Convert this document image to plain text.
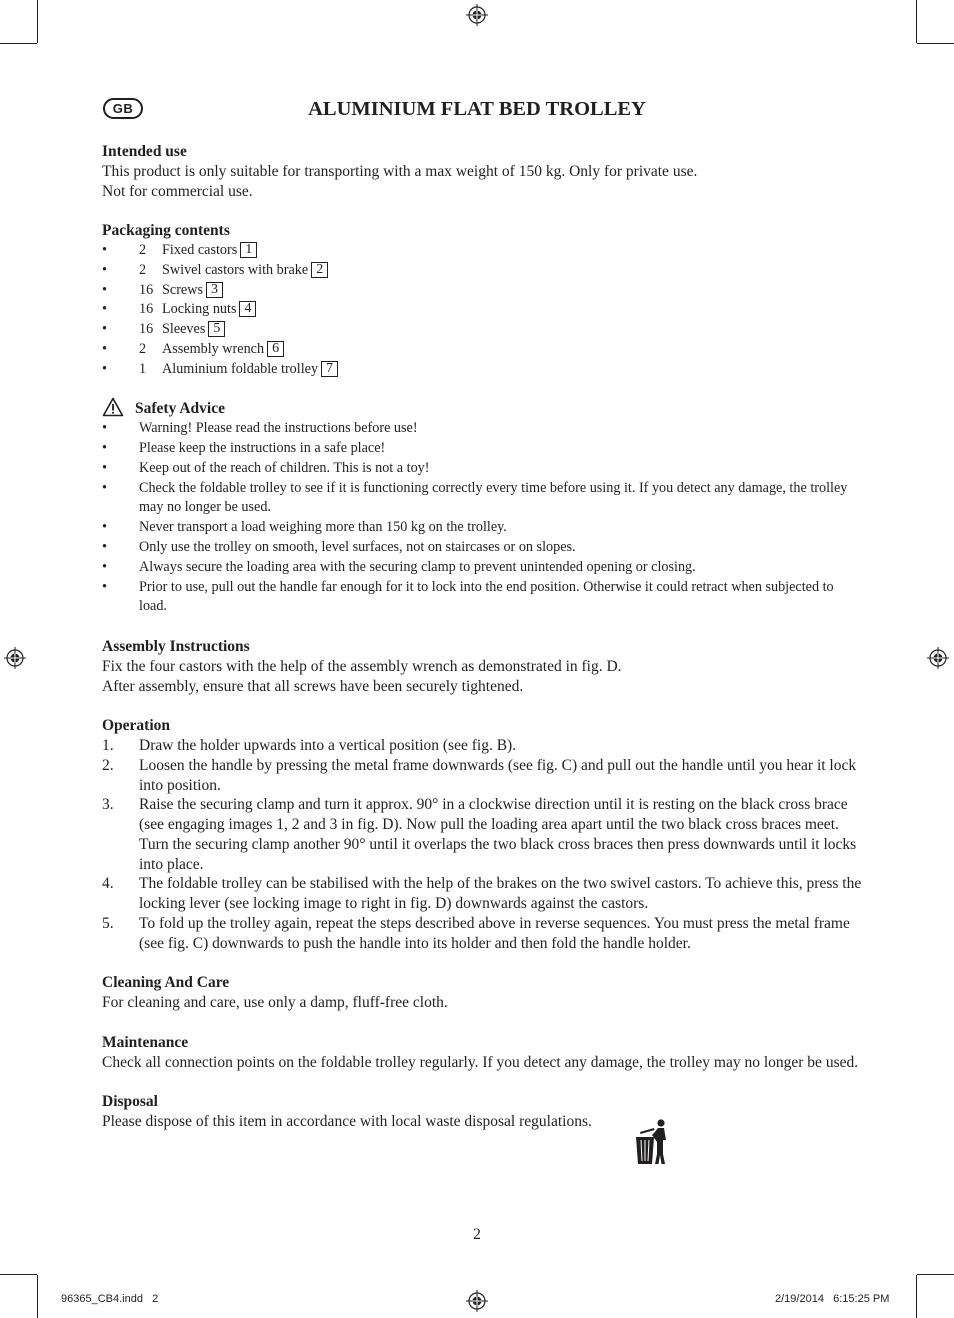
GB	ALUMINIUM FLAT BED TROLLEY
Intended use

This product is only suitable for transporting with a max weight of 150 kg. Only for private use.

Not for commercial use.

Packaging contents
• 2 Fixed castors 1
• 2 Swivel castors with brake 2
• 16 Screws 3
• 16 Locking nuts 4
• 16 Sleeves 5
• 2 Assembly wrench 6
• 1 Aluminium foldable trolley 7
Safety Advice
• Warning! Please read the instructions before use!
• Please keep the instructions in a safe place!
• Keep out of the reach of children. This is not a toy!
• Check the foldable trolley to see if it is functioning correctly every time before using it. If you detect any damage, the trolley may no longer be used.
• Never transport a load weighing more than 150 kg on the trolley.
• Only use the trolley on smooth, level surfaces, not on staircases or on slopes.
• Always secure the loading area with the securing clamp to prevent unintended opening or closing.
• Prior to use, pull out the handle far enough for it to lock into the end position. Otherwise it could retract when subjected to load.
Assembly Instructions

Fix the four castors with the help of the assembly wrench as demonstrated in fig. D.

After assembly, ensure that all screws have been securely tightened.

Operation
1. Draw the holder upwards into a vertical position (see fig. B).
2. Loosen the handle by pressing the metal frame downwards (see fig. C) and pull out the handle until you hear it lock into position.
3. Raise the securing clamp and turn it approx. 90° in a clockwise direction until it is resting on the black cross brace (see engaging images 1, 2 and 3 in fig. D). Now pull the loading area apart until the two black cross braces meet. Turn the securing clamp another 90° until it overlaps the two black cross braces then press downwards until it locks into place.
4. The foldable trolley can be stabilised with the help of the brakes on the two swivel castors. To achieve this, press the locking lever (see locking image to right in fig. D) downwards against the castors.
5. To fold up the trolley again, repeat the steps described above in reverse sequences. You must press the metal frame (see fig. C) downwards to push the handle into its holder and then fold the handle holder.
Cleaning And Care

For cleaning and care, use only a damp, fluff-free cloth.

Maintenance

Check all connection points on the foldable trolley regularly. If you detect any damage, the trolley may no longer be used.

Disposal

Please dispose of this item in accordance with local waste disposal regulations.

2
96365_CB4.indd   2	2/19/2014   6:15:25 PM
